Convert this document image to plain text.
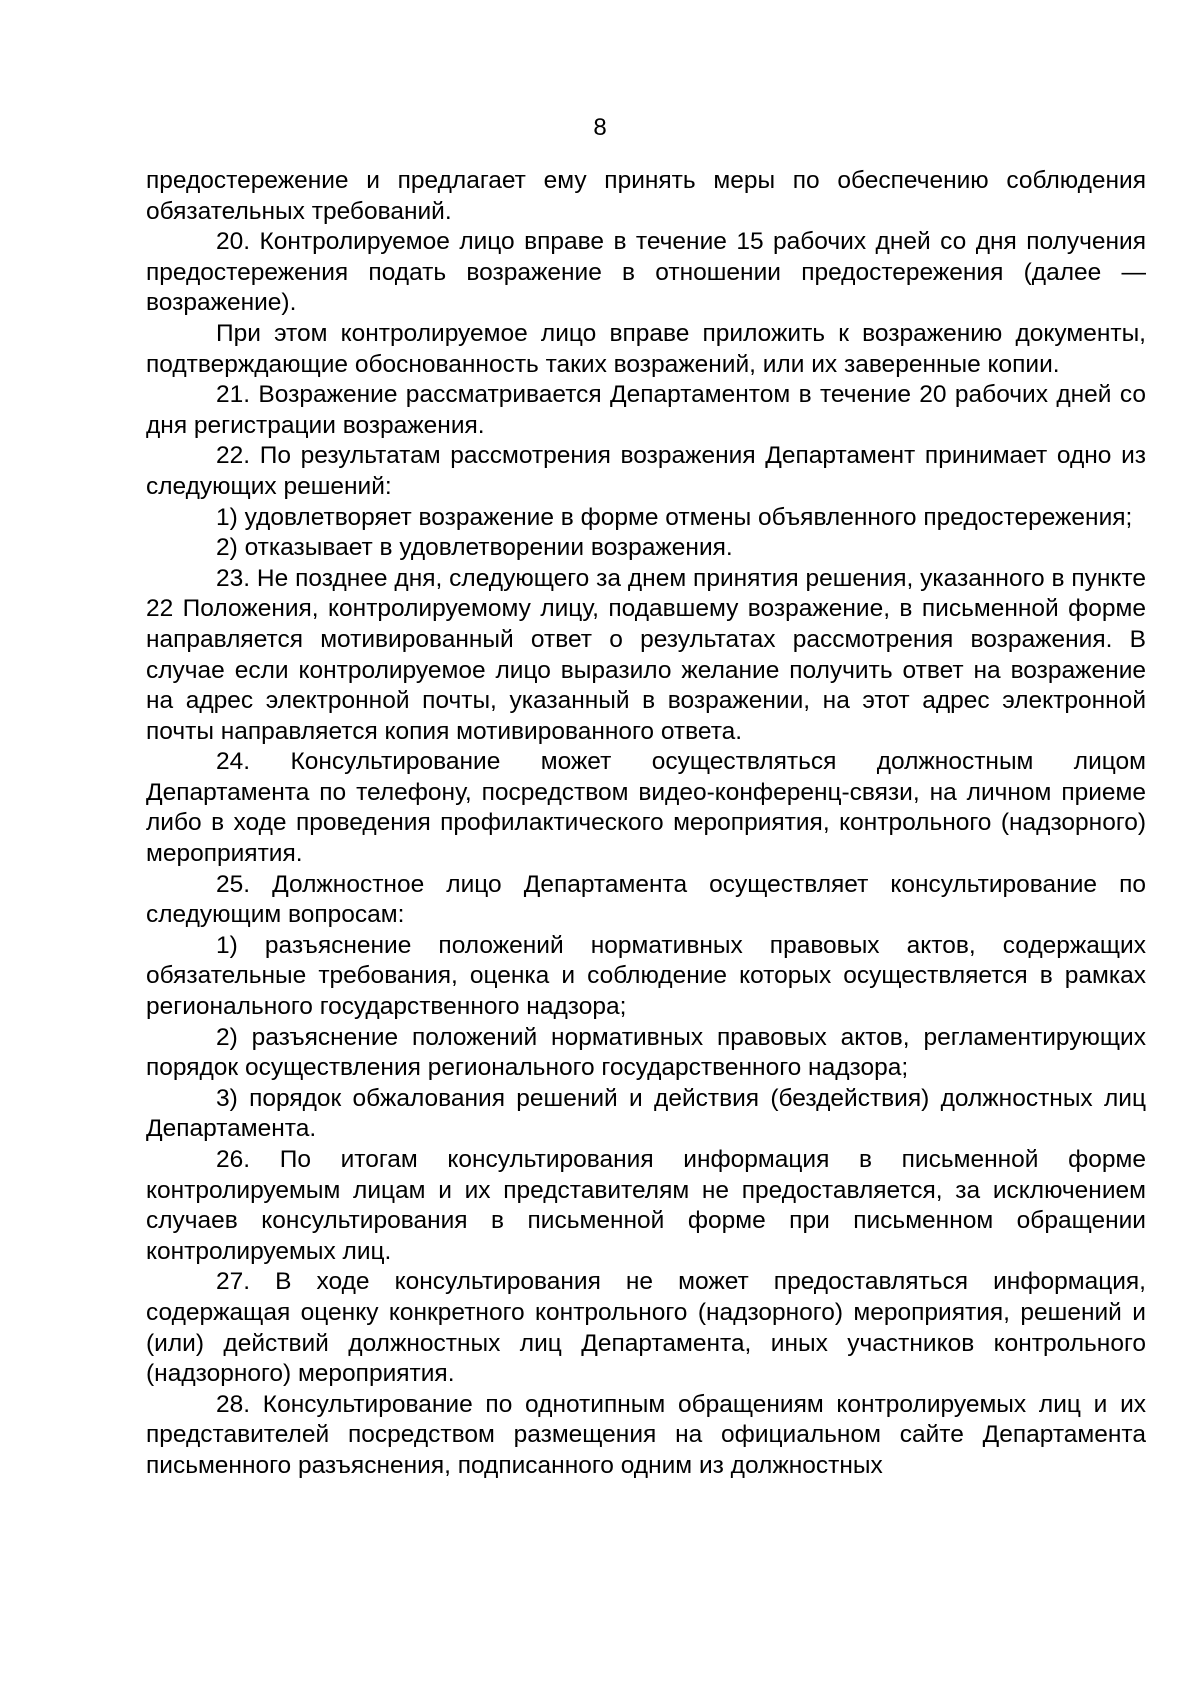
8

предостережение и предлагает ему принять меры по обеспечению соблюдения обязательных требований.

20. Контролируемое лицо вправе в течение 15 рабочих дней со дня получения предостережения подать возражение в отношении предостережения (далее — возражение).

При этом контролируемое лицо вправе приложить к возражению документы, подтверждающие обоснованность таких возражений, или их заверенные копии.

21. Возражение рассматривается Департаментом в течение 20 рабочих дней со дня регистрации возражения.

22. По результатам рассмотрения возражения Департамент принимает одно из следующих решений:

1) удовлетворяет возражение в форме отмены объявленного предостережения;

2) отказывает в удовлетворении возражения.

23. Не позднее дня, следующего за днем принятия решения, указанного в пункте 22 Положения, контролируемому лицу, подавшему возражение, в письменной форме направляется мотивированный ответ о результатах рассмотрения возражения. В случае если контролируемое лицо выразило желание получить ответ на возражение на адрес электронной почты, указанный в возражении, на этот адрес электронной почты направляется копия мотивированного ответа.

24. Консультирование может осуществляться должностным лицом Департамента по телефону, посредством видео-конференц-связи, на личном приеме либо в ходе проведения профилактического мероприятия, контрольного (надзорного) мероприятия.

25. Должностное лицо Департамента осуществляет консультирование по следующим вопросам:

1) разъяснение положений нормативных правовых актов, содержащих обязательные требования, оценка и соблюдение которых осуществляется в рамках регионального государственного надзора;

2) разъяснение положений нормативных правовых актов, регламентирующих порядок осуществления регионального государственного надзора;

3) порядок обжалования решений и действия (бездействия) должностных лиц Департамента.

26. По итогам консультирования информация в письменной форме контролируемым лицам и их представителям не предоставляется, за исключением случаев консультирования в письменной форме при письменном обращении контролируемых лиц.

27. В ходе консультирования не может предоставляться информация, содержащая оценку конкретного контрольного (надзорного) мероприятия, решений и (или) действий должностных лиц Департамента, иных участников контрольного (надзорного) мероприятия.

28. Консультирование по однотипным обращениям контролируемых лиц и их представителей посредством размещения на официальном сайте Департамента письменного разъяснения, подписанного одним из должностных
